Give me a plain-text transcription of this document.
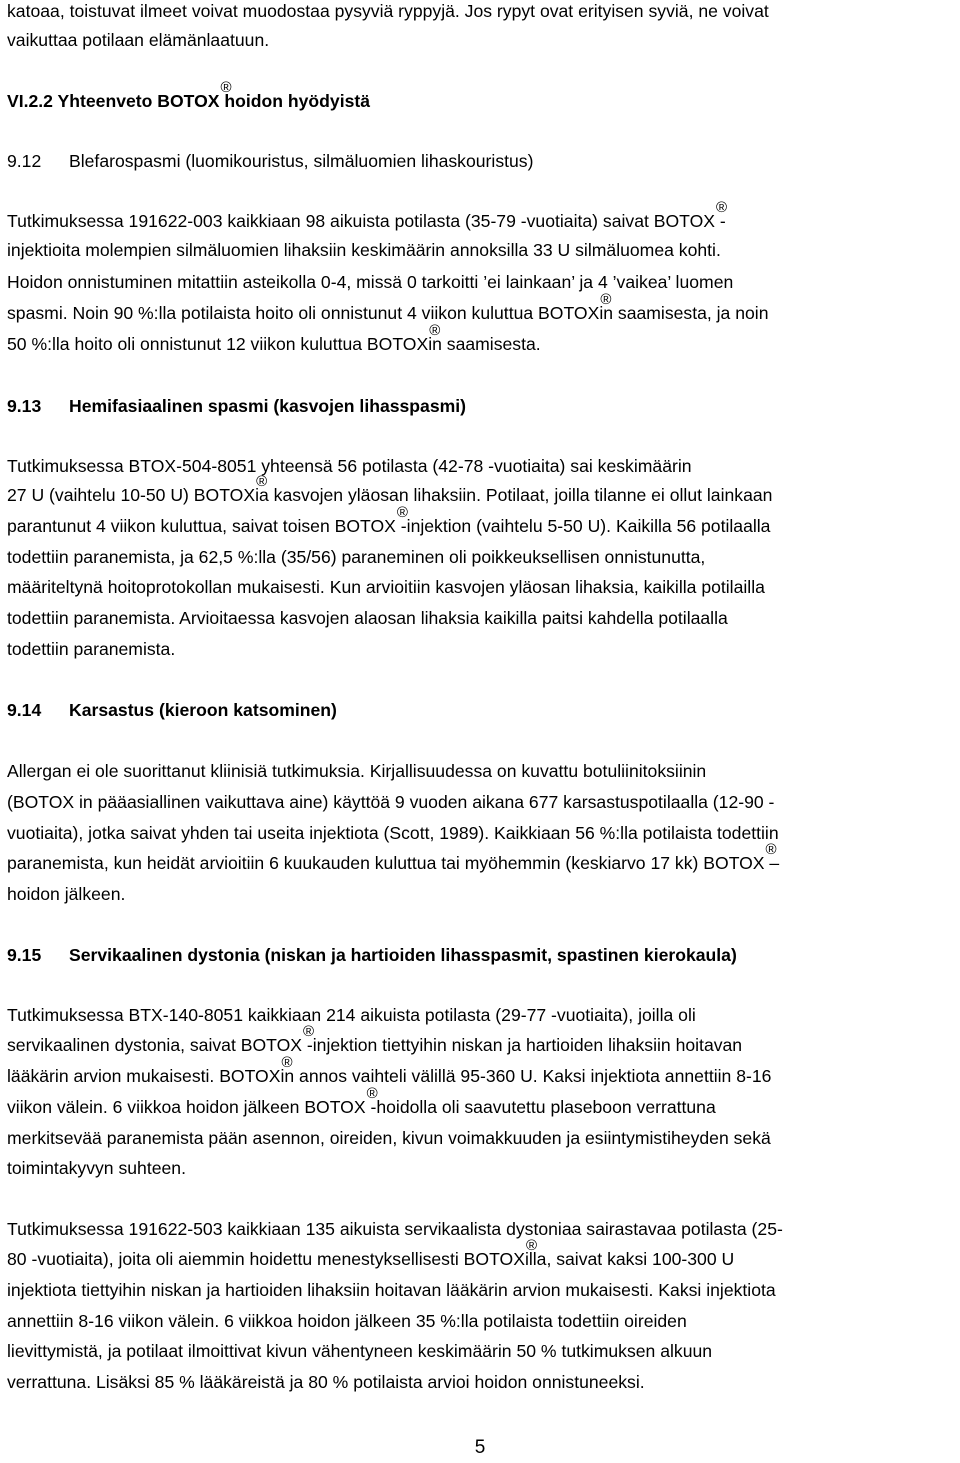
katoaa, toistuvat ilmeet voivat muodostaa pysyviä ryppyjä. Jos rypyt ovat erityisen syviä, ne voivat
vaikuttaa potilaan elämänlaatuun.
VI.2.2 Yhteenveto BOTOX
®
hoidon hyödyistä
9.12 Blefarospasmi (luomikouristus, silmäluomien lihaskouristus)
Tutkimuksessa 191622-003 kaikkiaan 98 aikuista potilasta (35-79 -vuotiaita) saivat BOTOX
®
-
injektioita molempien silmäluomien lihaksiin keskimäärin annoksilla 33 U silmäluomea kohti.
Hoidon onnistuminen mitattiin asteikolla 0-4, missä 0 tarkoitti ’ei lainkaan’ ja 4 ’vaikea’ luomen
spasmi. Noin 90 %:lla potilaista hoito oli onnistunut 4 viikon kuluttua BOTOX
®
in saamisesta, ja noin
50 %:lla hoito oli onnistunut 12 viikon kuluttua BOTOX
®
in saamisesta.
9.13 Hemifasiaalinen spasmi (kasvojen lihasspasmi)
Tutkimuksessa BTOX-504-8051 yhteensä 56 potilasta (42-78 -vuotiaita) sai keskimäärin
27 U (vaihtelu 10-50 U) BOTOX
®
ia kasvojen yläosan lihaksiin. Potilaat, joilla tilanne ei ollut lainkaan
parantunut 4 viikon kuluttua, saivat toisen BOTOX
®
-injektion (vaihtelu 5-50 U). Kaikilla 56 potilaalla
todettiin paranemista, ja 62,5 %:lla (35/56) paraneminen oli poikkeuksellisen onnistunutta,
määriteltynä hoitoprotokollan mukaisesti. Kun arvioitiin kasvojen yläosan lihaksia, kaikilla potilailla
todettiin paranemista. Arvioitaessa kasvojen alaosan lihaksia kaikilla paitsi kahdella potilaalla
todettiin paranemista.
9.14 Karsastus (kieroon katsominen)
Allergan ei ole suorittanut kliinisiä tutkimuksia. Kirjallisuudessa on kuvattu botuliinitoksiinin
(BOTOX in pääasiallinen vaikuttava aine) käyttöä 9 vuoden aikana 677 karsastuspotilaalla (12-90 -
vuotiaita), jotka saivat yhden tai useita injektiota (Scott, 1989). Kaikkiaan 56 %:lla potilaista todettiin
paranemista, kun heidät arvioitiin 6 kuukauden kuluttua tai myöhemmin (keskiarvo 17 kk) BOTOX
®
–
hoidon jälkeen.
9.15 Servikaalinen dystonia (niskan ja hartioiden lihasspasmit, spastinen kierokaula)
Tutkimuksessa BTX-140-8051 kaikkiaan 214 aikuista potilasta (29-77 -vuotiaita), joilla oli
servikaalinen dystonia, saivat BOTOX
®
-injektion tiettyihin niskan ja hartioiden lihaksiin hoitavan
lääkärin arvion mukaisesti. BOTOX
®
in annos vaihteli välillä 95-360 U. Kaksi injektiota annettiin 8-16
viikon välein. 6 viikkoa hoidon jälkeen BOTOX
®
-hoidolla oli saavutettu plaseboon verrattuna
merkitsevää paranemista pään asennon, oireiden, kivun voimakkuuden ja esiintymistiheyden sekä
toimintakyvyn suhteen.
Tutkimuksessa 191622-503 kaikkiaan 135 aikuista servikaalista dystoniaa sairastavaa potilasta (25-
80 -vuotiaita), joita oli aiemmin hoidettu menestyksellisesti BOTOX
®
illa, saivat kaksi 100-300 U
injektiota tiettyihin niskan ja hartioiden lihaksiin hoitavan lääkärin arvion mukaisesti. Kaksi injektiota
annettiin 8-16 viikon välein. 6 viikkoa hoidon jälkeen 35 %:lla potilaista todettiin oireiden
lievittymistä, ja potilaat ilmoittivat kivun vähentyneen keskimäärin 50 % tutkimuksen alkuun
verrattuna. Lisäksi 85 % lääkäreistä ja 80 % potilaista arvioi hoidon onnistuneeksi.
5
